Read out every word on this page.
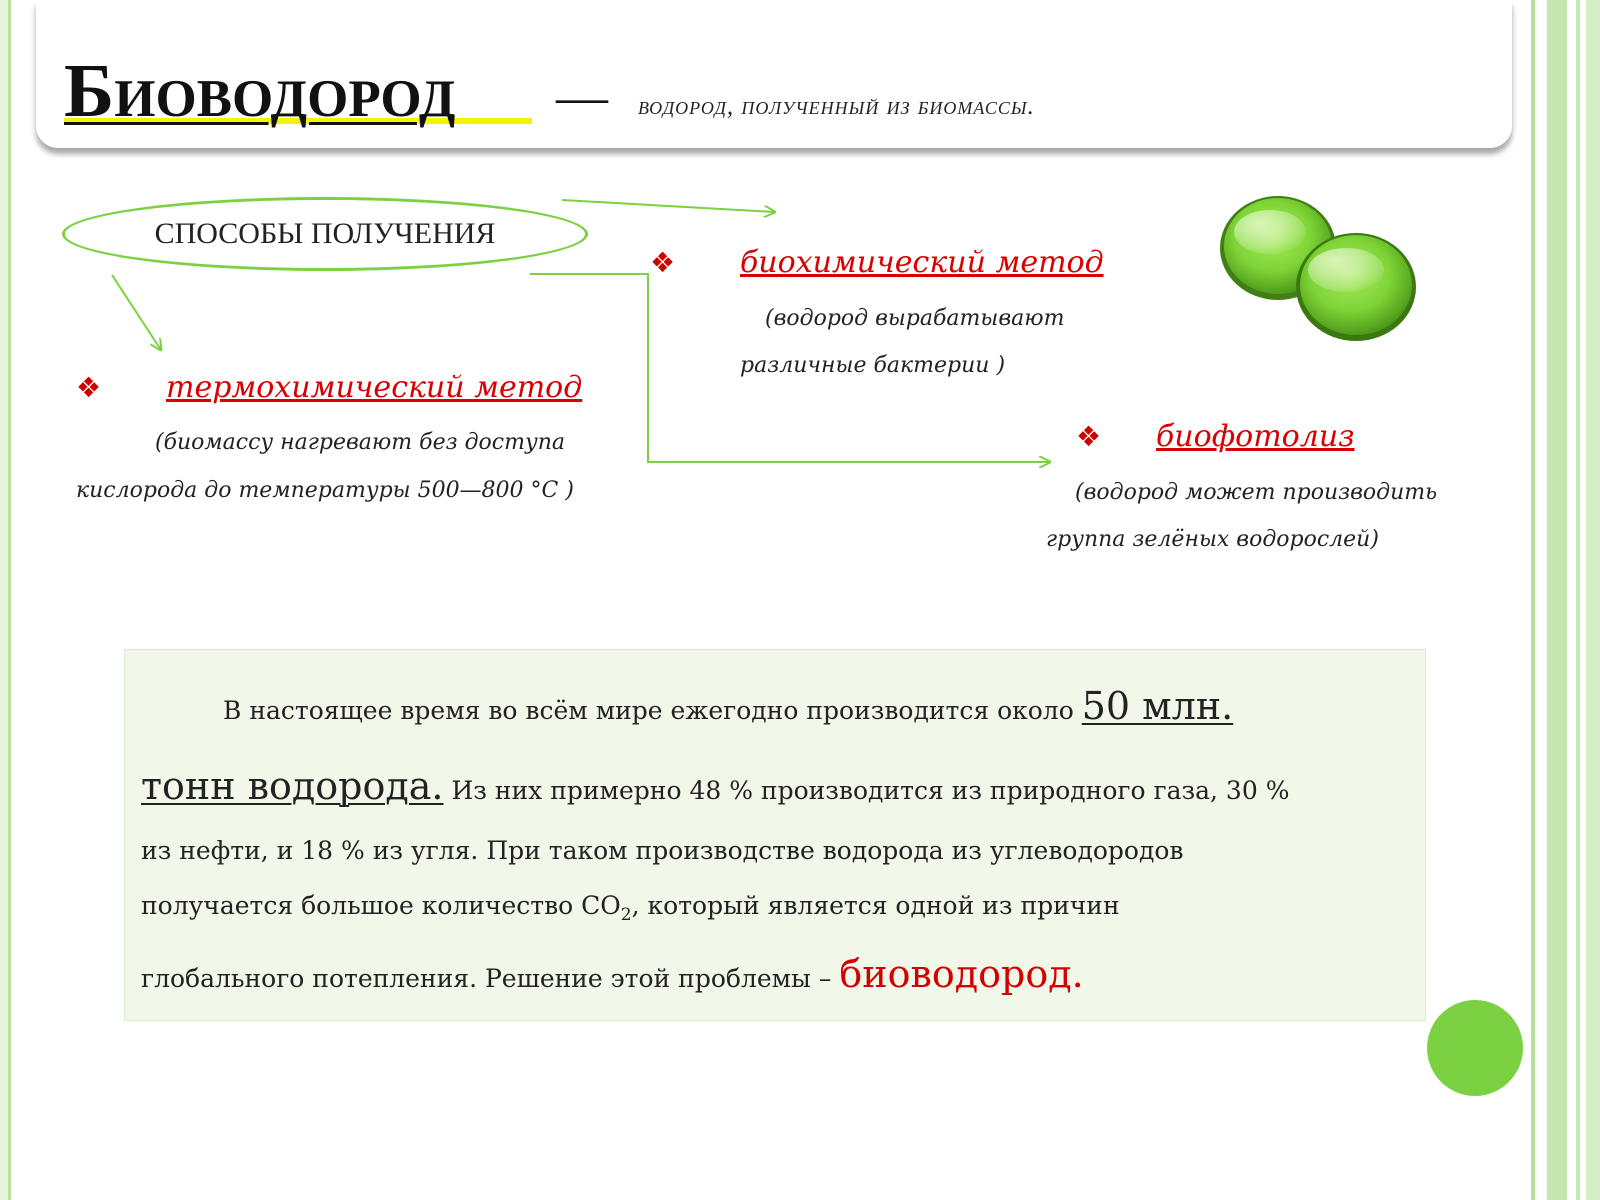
Биоводород — водород, полученный из биомассы.
СПОСОБЫ ПОЛУЧЕНИЯ
❖ термохимический метод
(биомассу нагревают без доступа
кислорода до температуры 500—800 °C )
❖ биохимический метод
(водород вырабатывают
различные бактерии )
❖ биофотолиз
(водород может производить
группа зелёных водорослей)
В настоящее время во всём мире ежегодно производится около 50 млн.
тонн водорода. Из них примерно 48 % производится из природного газа, 30 %
из нефти, и 18 % из угля. При таком производстве водорода из углеводородов
получается большое количество $CO_2$, который является одной из причин
глобального потепления. Решение этой проблемы – биоводород.
